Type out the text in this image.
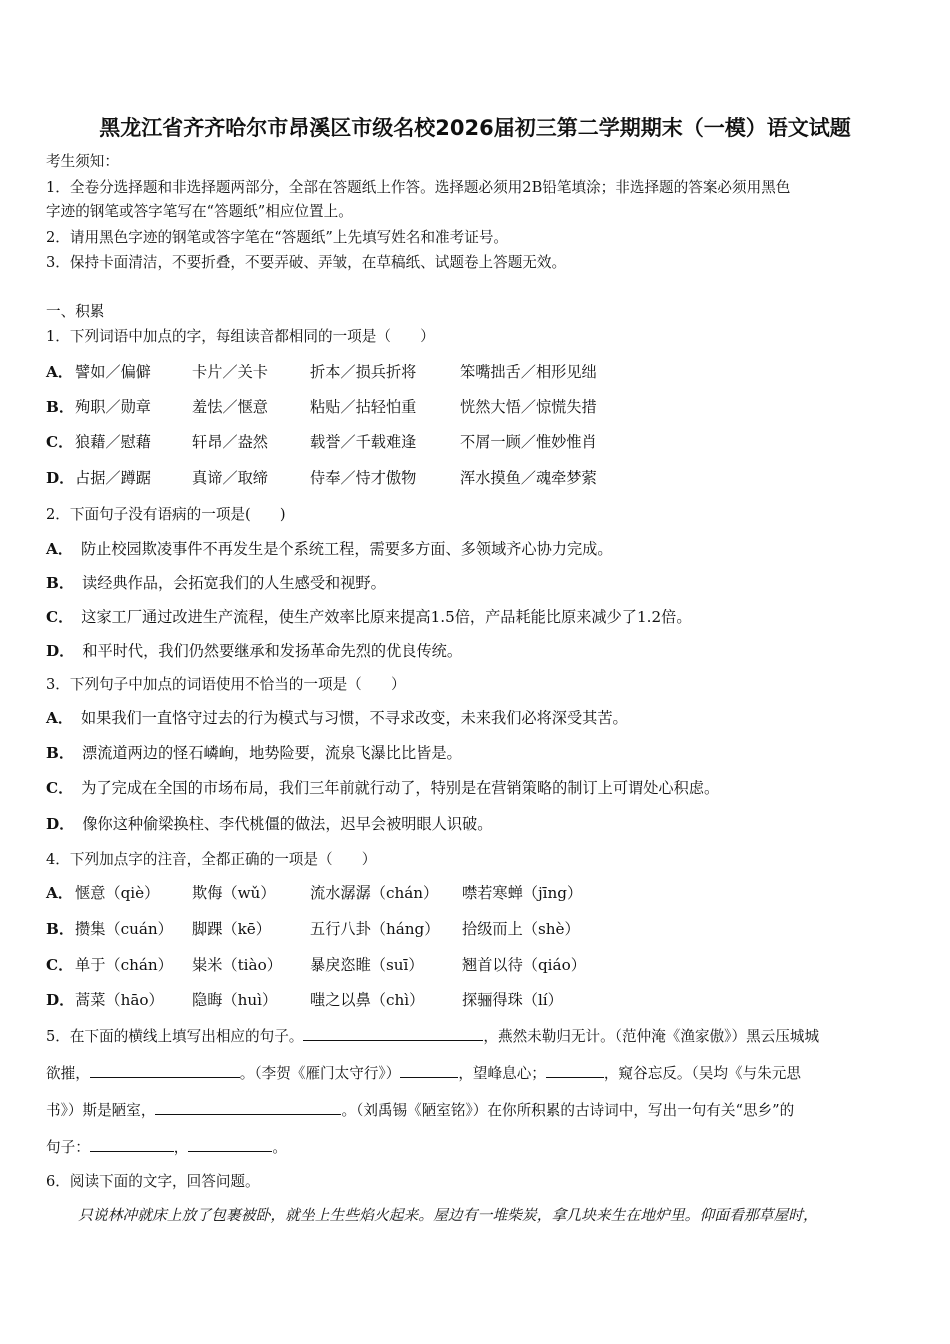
黑龙江省齐齐哈尔市昂溪区市级名校2026届初三第二学期期末（一模）语文试题
考生须知：
1．全卷分选择题和非选择题两部分，全部在答题纸上作答。选择题必须用2B铅笔填涂；非选择题的答案必须用黑色
字迹的钢笔或答字笔写在“答题纸”相应位置上。
2．请用黑色字迹的钢笔或答字笔在“答题纸”上先填写姓名和准考证号。
3．保持卡面清洁，不要折叠，不要弄破、弄皱，在草稿纸、试题卷上答题无效。
一、积累
1．下列词语中加点的字，每组读音都相同的一项是（　　）
A． 譬如／偏僻	卡片／关卡	折本／损兵折将	笨嘴拙舌／相形见绌
B． 殉职／勋章	羞怯／惬意	粘贴／拈轻怕重	恍然大悟／惊慌失措
C． 狼藉／慰藉	轩昂／盎然	载誉／千载难逢	不屑一顾／惟妙惟肖
D． 占据／蹲踞	真谛／取缔	侍奉／恃才傲物	浑水摸鱼／魂牵梦萦
2．下面句子没有语病的一项是(　　)
A． 防止校园欺凌事件不再发生是个系统工程，需要多方面、多领域齐心协力完成。
B． 读经典作品，会拓宽我们的人生感受和视野。
C． 这家工厂通过改进生产流程，使生产效率比原来提高1.5倍，产品耗能比原来减少了1.2倍。
D． 和平时代，我们仍然要继承和发扬革命先烈的优良传统。
3．下列句子中加点的词语使用不恰当的一项是（　　）
A． 如果我们一直恪守过去的行为模式与习惯，不寻求改变，未来我们必将深受其苦。
B． 漂流道两边的怪石嶙峋，地势险要，流泉飞瀑比比皆是。
C． 为了完成在全国的市场布局，我们三年前就行动了，特别是在营销策略的制订上可谓处心积虑。
D． 像你这种偷梁换柱、李代桃僵的做法，迟早会被明眼人识破。
4．下列加点字的注音，全都正确的一项是（　　）
A． 惬意（qiè） 欺侮（wǔ） 流水潺潺（chán） 噤若寒蝉（jīng）
B． 攒集（cuán） 脚踝（kē）	五行八卦（háng） 拾级而上（shè）
C． 单于（chán） 粜米（tiào） 暴戾恣睢（suī）	翘首以待（qiáo）
D． 蒿菜（hāo） 隐晦（huì） 嗤之以鼻（chì） 探骊得珠（lí）
5．在下面的横线上填写出相应的句子。	，燕然未勒归无计。（范仲淹《渔家傲》）黑云压城城
欲摧，	。（李贺《雁门太守行》）	，望峰息心；	，窥谷忘反。（吴均《与朱元思
书》）斯是陋室，	。（刘禹锡《陋室铭》）在你所积累的古诗词中，写出一句有关“思乡”的
句子：	，	。
6．阅读下面的文字，回答问题。
只说林冲就床上放了包裹被卧，就坐上生些焰火起来。屋边有一堆柴炭，拿几块来生在地炉里。仰面看那草屋时，
